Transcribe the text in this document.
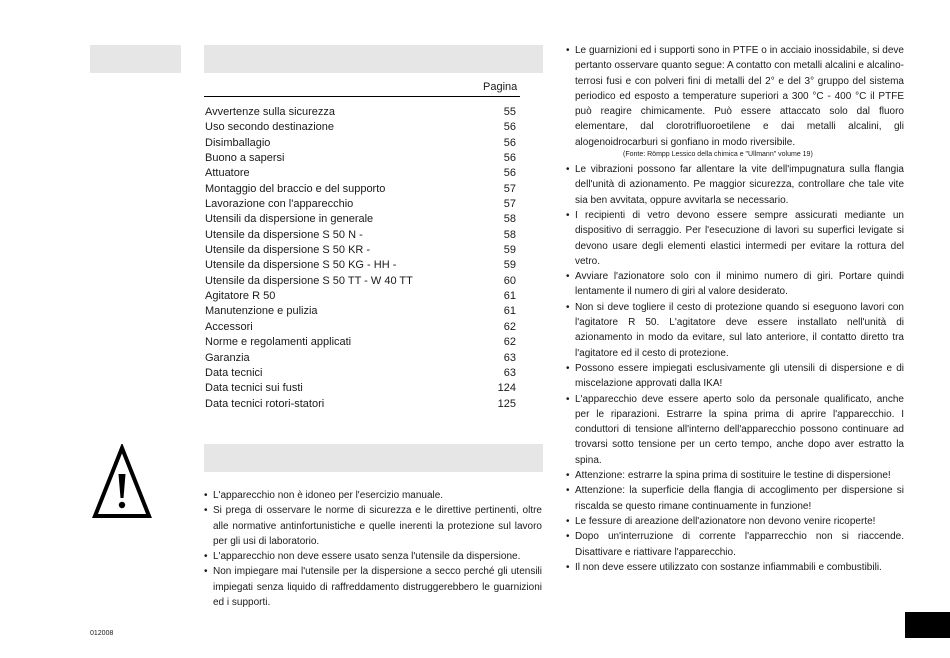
Pagina
Avvertenze sulla sicurezza	55
Uso secondo destinazione	56
Disimballagio	56
Buono a sapersi	56
Attuatore	56
Montaggio del braccio e del supporto	57
Lavorazione con l'apparecchio	57
Utensili da dispersione in generale	58
Utensile da dispersione S 50 N -	58
Utensile da dispersione S 50 KR -	59
Utensile da dispersione S 50 KG - HH -	59
Utensile da dispersione S 50 TT - W 40 TT	60
Agitatore R 50	61
Manutenzione e pulizia	61
Accessori	62
Norme e regolamenti applicati	62
Garanzia	63
Data tecnici	63
Data tecnici sui fusti	124
Data tecnici rotori-statori	125
• L'apparecchio non è idoneo per l'esercizio manuale.
• Si prega di osservare le norme di sicurezza e le direttive pertinenti, oltre alle normative antinfortunistiche e quelle inerenti la protezione sul lavoro per gli usi di laboratorio.
• L'apparecchio non deve essere usato senza l'utensile da dispersione.
• Non impiegare mai l'utensile per la dispersione a secco perché gli utensili impiegati senza liquido di raffreddamento distruggerebbero le guarnizioni ed i supporti.
• Le guarnizioni ed i supporti sono in PTFE o in acciaio inossidabile, si deve pertanto osservare quanto segue: A contatto con metalli alcalini e alcalino-terrosi fusi e con polveri fini di metalli del 2° e del 3° gruppo del sistema periodico ed esposto a temperature superiori a 300 °C - 400 °C il PTFE può reagire chimicamente. Può essere attaccato solo dal fluoro elementare, dal clorotrifluoroetilene e dai metalli alcalini, gli alogenoidrocarburi si gonfiano in modo riversibile.
(Fonte: Römpp Lessico della chimica e "Ullmann" volume 19)
• Le vibrazioni possono far allentare la vite dell'impugnatura sulla flangia dell'unità di azionamento. Pe maggior sicurezza, controllare che tale vite sia ben avvitata, oppure avvitarla se necessario.
• I recipienti di vetro devono essere sempre assicurati mediante un dispositivo di serraggio. Per l'esecuzione di lavori su superfici levigate si devono usare degli elementi elastici intermedi per evitare la rottura del vetro.
• Avviare l'azionatore solo con il minimo numero di giri. Portare quindi lentamente il numero di giri al valore desiderato.
• Non si deve togliere il cesto di protezione quando si eseguono lavori con l'agitatore R 50. L'agitatore deve essere installato nell'unità di azionamento in modo da evitare, sul lato anteriore, il contatto diretto tra l'agitatore ed il cesto di protezione.
• Possono essere impiegati esclusivamente gli utensili di dispersione e di miscelazione approvati dalla IKA!
• L'apparecchio deve essere aperto solo da personale qualificato, anche per le riparazioni. Estrarre la spina prima di aprire l'apparecchio. I conduttori di tensione all'interno dell'apparecchio possono continuare ad trovarsi sotto tensione per un certo tempo, anche dopo aver estratto la spina.
• Attenzione: estrarre la spina prima di sostituire le testine di dispersione!
• Attenzione: la superficie della flangia di accoglimento per dispersione si riscalda se questo rimane continuamente in funzione!
• Le fessure di areazione dell'azionatore non devono venire ricoperte!
• Dopo un'interruzione di corrente l'apparrecchio non si riaccende. Disattivare e riattivare l'apparecchio.
• Il non deve essere utilizzato con sostanze infiammabili e combustibili.
012008
